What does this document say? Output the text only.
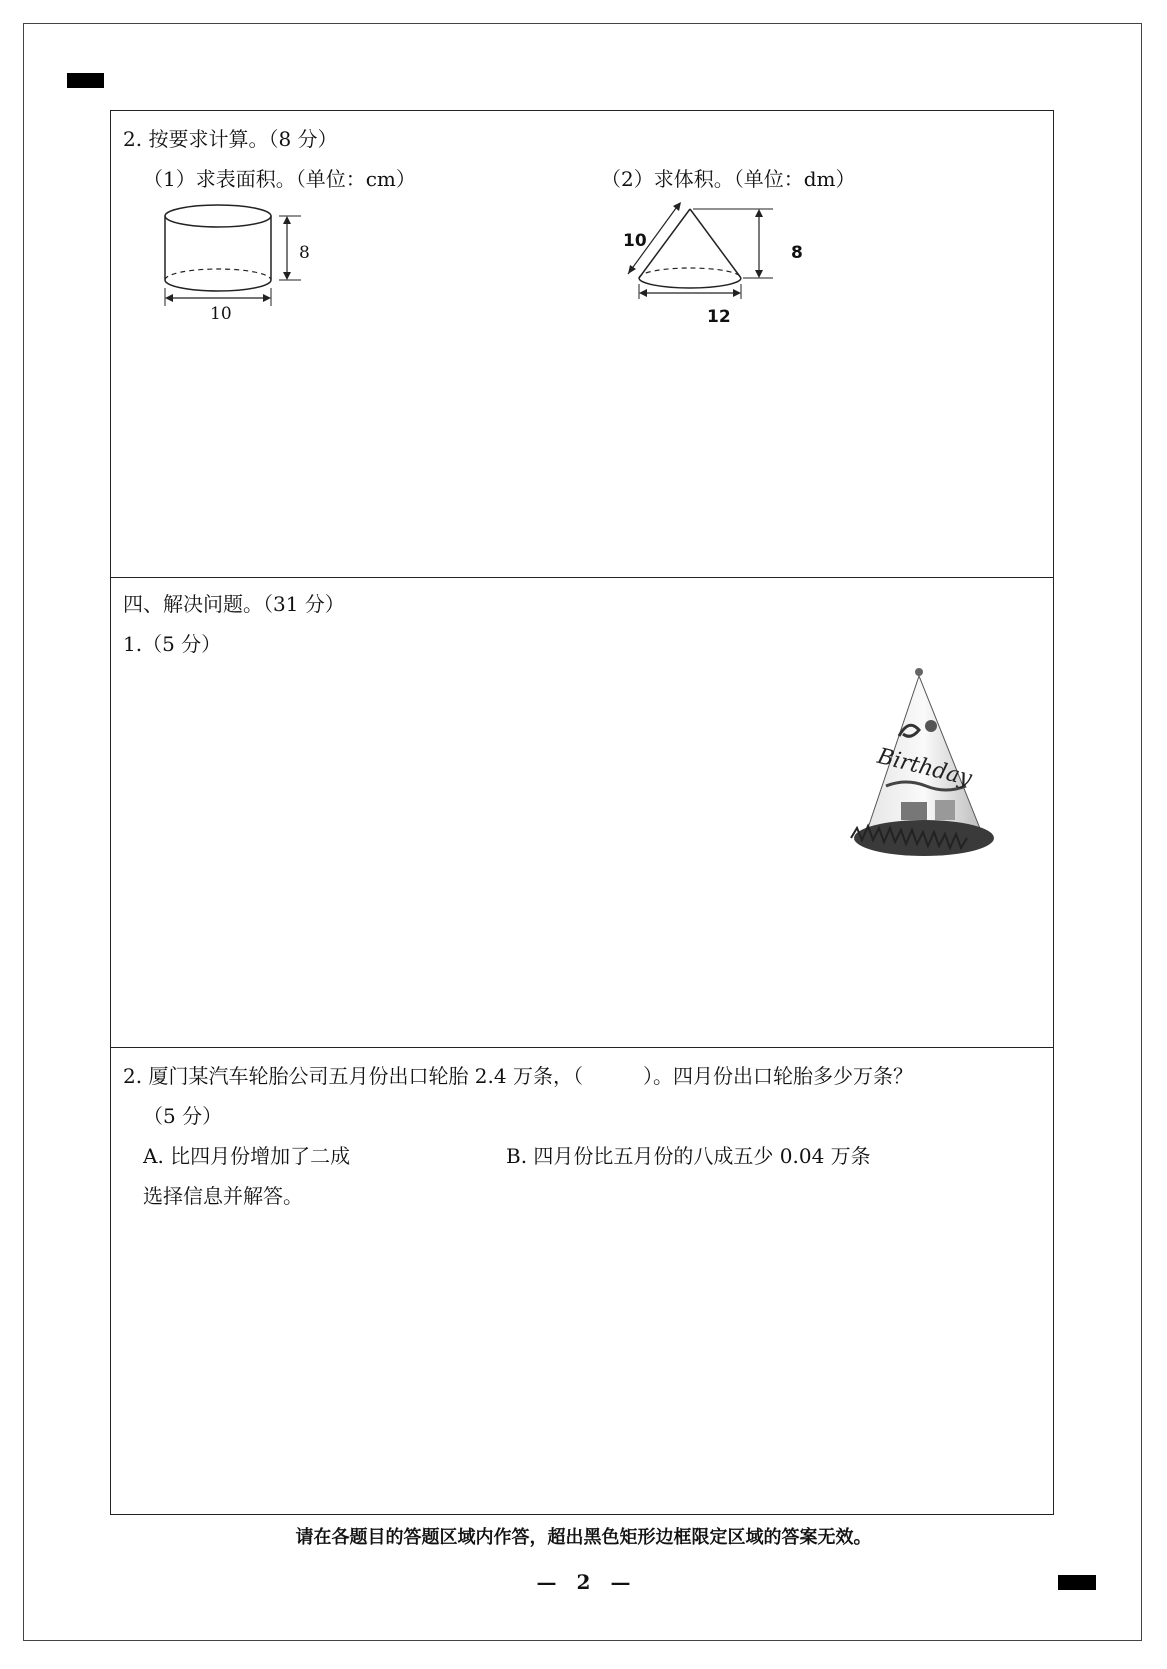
2. 按要求计算。（8 分）
（1）求表面积。（单位：cm）	（2）求体积。（单位：dm）
8
10
10
8
12
四、解决问题。（31 分）
1.（5 分）
Birthday
2. 厦门某汽车轮胎公司五月份出口轮胎 2.4 万条，（　　　）。四月份出口轮胎多少万条？
（5 分）
A. 比四月份增加了二成	B. 四月份比五月份的八成五少 0.04 万条
选择信息并解答。
请在各题目的答题区域内作答，超出黑色矩形边框限定区域的答案无效。
—　2　—
